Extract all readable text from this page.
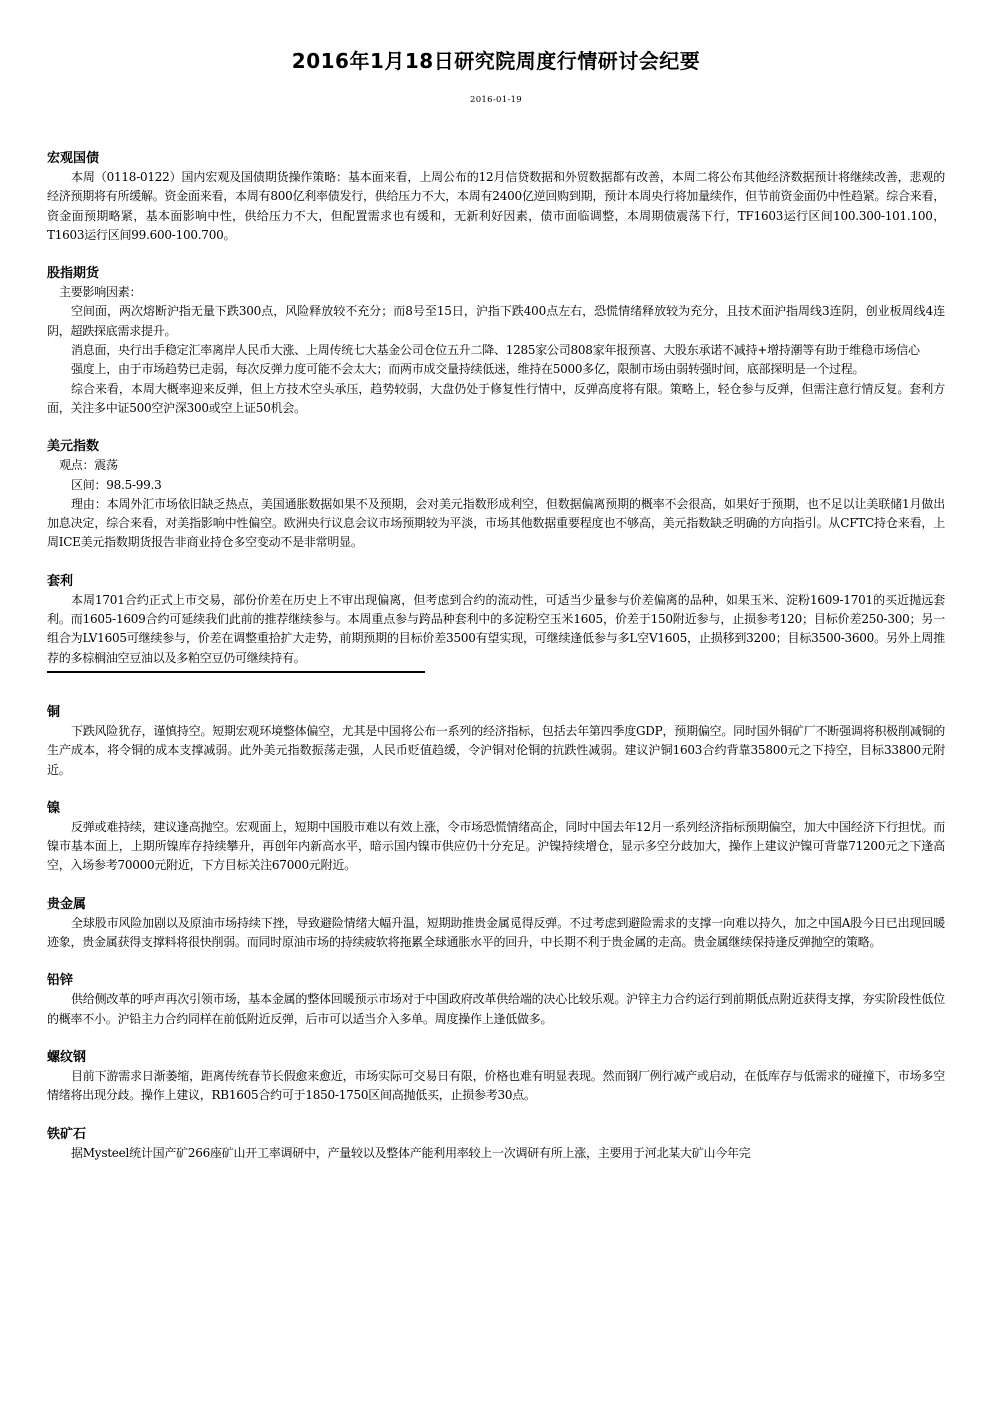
2016年1月18日研究院周度行情研讨会纪要
2016-01-19
宏观国债

本周（0118-0122）国内宏观及国债期货操作策略：基本面来看，上周公布的12月信贷数据和外贸数据都有改善，本周二将公布其他经济数据预计将继续改善，悲观的经济预期将有所缓解。资金面来看，本周有800亿利率债发行，供给压力不大，本周有2400亿逆回购到期，预计本周央行将加量续作，但节前资金面仍中性趋紧。综合来看，资金面预期略紧，基本面影响中性，供给压力不大，但配置需求也有缓和，无新利好因素，债市面临调整，本周期债震荡下行，TF1603运行区间100.300-101.100，T1603运行区间99.600-100.700。

股指期货

主要影响因素：

空间面，两次熔断沪指无量下跌300点，风险释放较不充分；而8号至15日，沪指下跌400点左右，恐慌情绪释放较为充分，且技术面沪指周线3连阴，创业板周线4连阴，超跌探底需求提升。

消息面，央行出手稳定汇率离岸人民币大涨、上周传统七大基金公司仓位五升二降、1285家公司808家年报预喜、大股东承诺不减持+增持潮等有助于维稳市场信心

强度上，由于市场趋势已走弱，每次反弹力度可能不会太大；而两市成交量持续低迷，维持在5000多亿，限制市场由弱转强时间，底部探明是一个过程。

综合来看，本周大概率迎来反弹，但上方技术空头承压，趋势较弱，大盘仍处于修复性行情中，反弹高度将有限。策略上，轻仓参与反弹，但需注意行情反复。套利方面，关注多中证500空沪深300或空上证50机会。

美元指数

观点：震荡

区间：98.5-99.3

理由：本周外汇市场依旧缺乏热点，美国通胀数据如果不及预期，会对美元指数形成利空，但数据偏离预期的概率不会很高，如果好于预期，也不足以让美联储1月做出加息决定，综合来看，对美指影响中性偏空。欧洲央行议息会议市场预期较为平淡，市场其他数据重要程度也不够高，美元指数缺乏明确的方向指引。从CFTC持仓来看，上周ICE美元指数期货报告非商业持仓多空变动不是非常明显。

套利

本周1701合约正式上市交易，部份价差在历史上不审出现偏离，但考虑到合约的流动性，可适当少量参与价差偏离的品种，如果玉米、淀粉1609-1701的买近抛远套利。而1605-1609合约可延续我们此前的推荐继续参与。本周重点参与跨品种套利中的多淀粉空玉米1605，价差于150附近参与，止损参考120；目标价差250-300；另一组合为LV1605可继续参与，价差在调整重拾扩大走势，前期预期的目标价差3500有望实现，可继续逢低参与多L空V1605，止损移到3200；目标3500-3600。另外上周推荐的多棕榈油空豆油以及多粕空豆仍可继续持有。

铜

下跌风险犹存，谨慎持空。短期宏观环境整体偏空，尤其是中国将公布一系列的经济指标，包括去年第四季度GDP，预期偏空。同时国外铜矿厂不断强调将积极削减铜的生产成本，将令铜的成本支撑减弱。此外美元指数振荡走强，人民币贬值趋缓，令沪铜对伦铜的抗跌性减弱。建议沪铜1603合约背靠35800元之下持空，目标33800元附近。

镍

反弹或难持续，建议逢高抛空。宏观面上，短期中国股市难以有效上涨，令市场恐慌情绪高企，同时中国去年12月一系列经济指标预期偏空，加大中国经济下行担忧。而镍市基本面上，上期所镍库存持续攀升，再创年内新高水平，暗示国内镍市供应仍十分充足。沪镍持续增仓，显示多空分歧加大，操作上建议沪镍可背靠71200元之下逢高空，入场参考70000元附近，下方目标关注67000元附近。

贵金属

全球股市风险加剧以及原油市场持续下挫，导致避险情绪大幅升温，短期助推贵金属觅得反弹。不过考虑到避险需求的支撑一向难以持久，加之中国A股今日已出现回暖迹象，贵金属获得支撑料将很快削弱。而同时原油市场的持续疲软将拖累全球通胀水平的回升，中长期不利于贵金属的走高。贵金属继续保持逢反弹抛空的策略。

铅锌

供给侧改革的呼声再次引领市场，基本金属的整体回暖预示市场对于中国政府改革供给端的决心比较乐观。沪锌主力合约运行到前期低点附近获得支撑，夯实阶段性低位的概率不小。沪铅主力合约同样在前低附近反弹，后市可以适当介入多单。周度操作上逢低做多。

螺纹钢

目前下游需求日渐萎缩，距离传统春节长假愈来愈近，市场实际可交易日有限，价格也难有明显表现。然而钢厂例行减产或启动，在低库存与低需求的碰撞下，市场多空情绪将出现分歧。操作上建议，RB1605合约可于1850-1750区间高抛低买，止损参考30点。

铁矿石

据Mysteel统计国产矿266座矿山开工率调研中，产量较以及整体产能利用率较上一次调研有所上涨，主要用于河北某大矿山今年完
